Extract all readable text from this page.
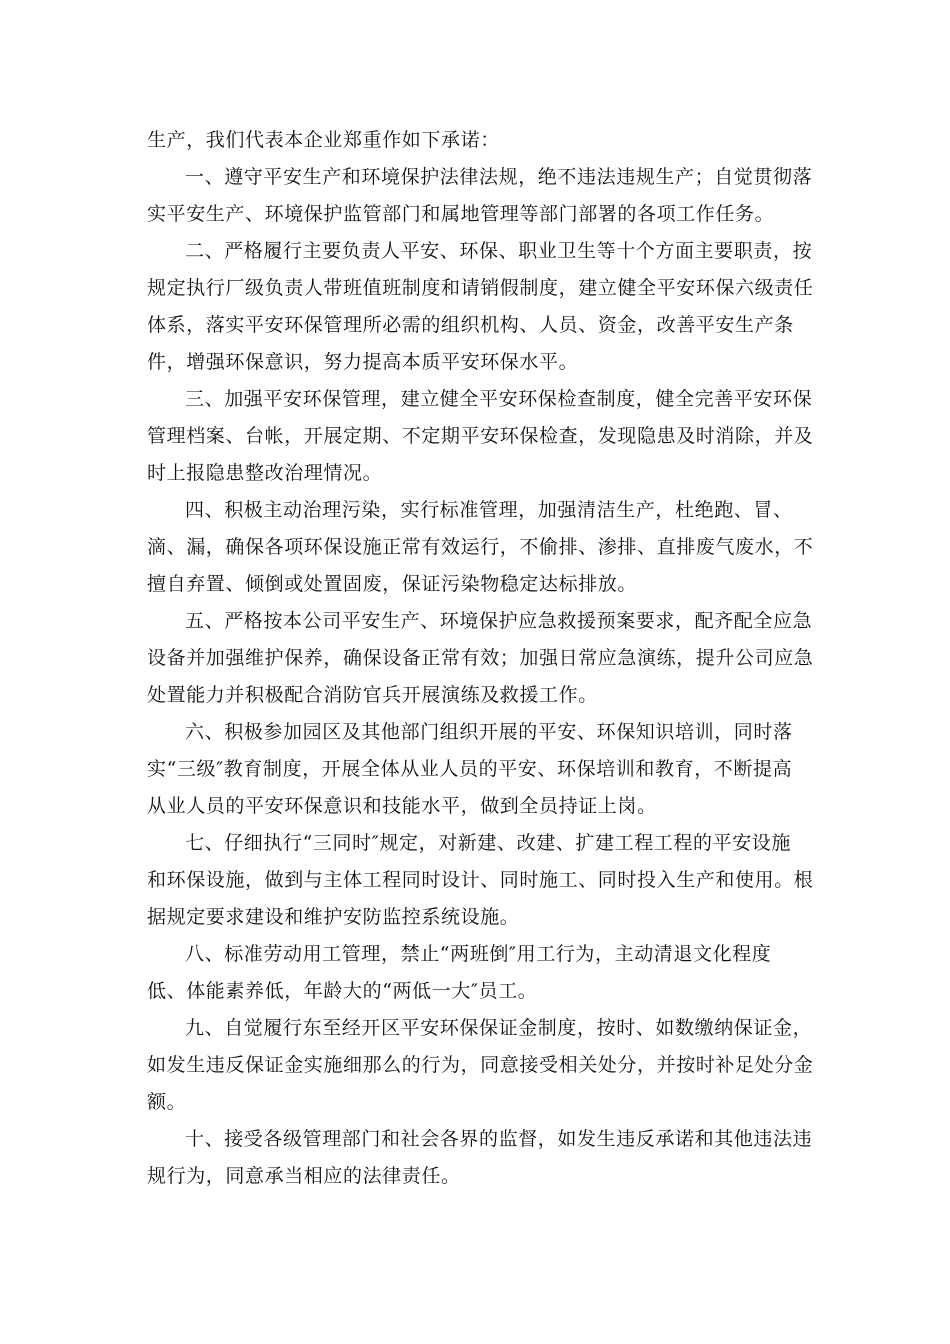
生产，我们代表本企业郑重作如下承诺：
一、遵守平安生产和环境保护法律法规，绝不违法违规生产；自觉贯彻落
实平安生产、环境保护监管部门和属地管理等部门部署的各项工作任务。
二、严格履行主要负责人平安、环保、职业卫生等十个方面主要职责，按
规定执行厂级负责人带班值班制度和请销假制度，建立健全平安环保六级责任
体系，落实平安环保管理所必需的组织机构、人员、资金，改善平安生产条
件，增强环保意识，努力提高本质平安环保水平。
三、加强平安环保管理，建立健全平安环保检查制度，健全完善平安环保
管理档案、台帐，开展定期、不定期平安环保检查，发现隐患及时消除，并及
时上报隐患整改治理情况。
四、积极主动治理污染，实行标准管理，加强清洁生产，杜绝跑、冒、
滴、漏，确保各项环保设施正常有效运行，不偷排、渗排、直排废气废水，不
擅自弃置、倾倒或处置固废，保证污染物稳定达标排放。
五、严格按本公司平安生产、环境保护应急救援预案要求，配齐配全应急
设备并加强维护保养，确保设备正常有效；加强日常应急演练，提升公司应急
处置能力并积极配合消防官兵开展演练及救援工作。
六、积极参加园区及其他部门组织开展的平安、环保知识培训，同时落
实“三级″教育制度，开展全体从业人员的平安、环保培训和教育，不断提高
从业人员的平安环保意识和技能水平，做到全员持证上岗。
七、仔细执行“三同时″规定，对新建、改建、扩建工程工程的平安设施
和环保设施，做到与主体工程同时设计、同时施工、同时投入生产和使用。根
据规定要求建设和维护安防监控系统设施。
八、标准劳动用工管理，禁止“两班倒″用工行为，主动清退文化程度
低、体能素养低，年龄大的“两低一大″员工。
九、自觉履行东至经开区平安环保保证金制度，按时、如数缴纳保证金，
如发生违反保证金实施细那么的行为，同意接受相关处分，并按时补足处分金
额。
十、接受各级管理部门和社会各界的监督，如发生违反承诺和其他违法违
规行为，同意承当相应的法律责任。
